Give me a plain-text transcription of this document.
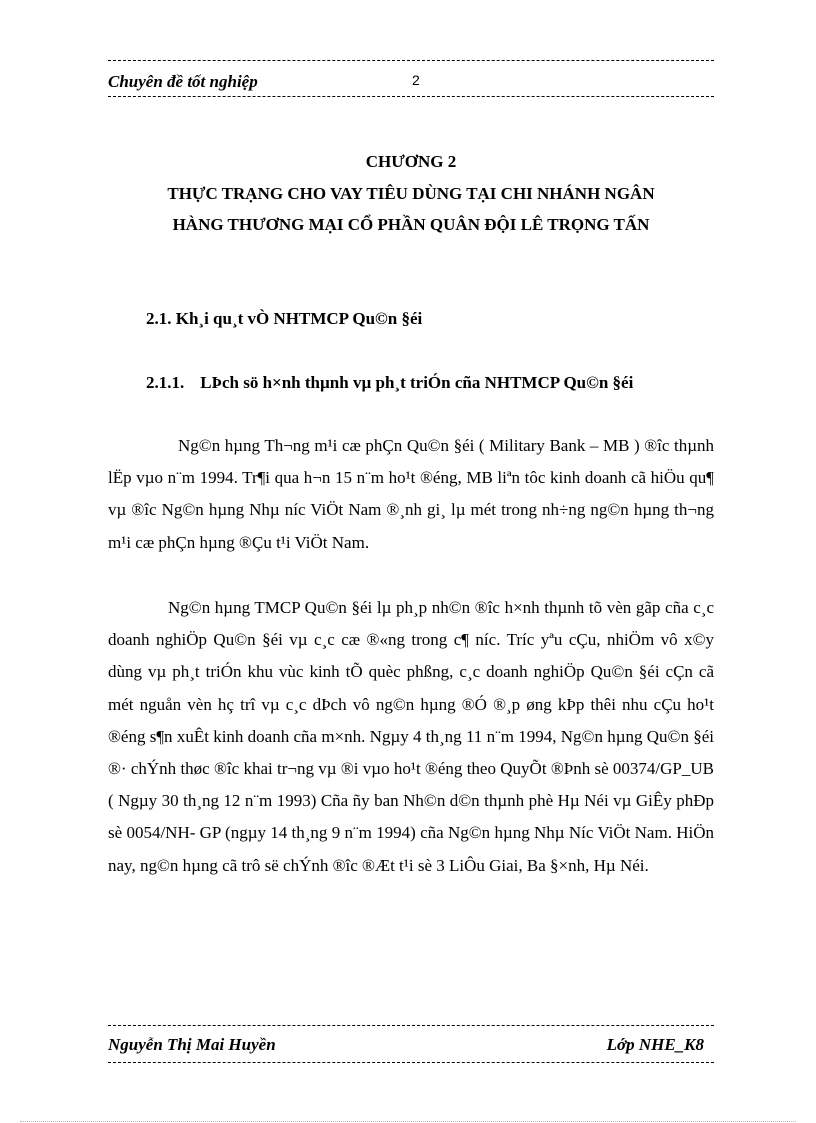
Chuyên đề tốt nghiệp	2
CHƯƠNG 2
THỰC TRẠNG CHO VAY TIÊU DÙNG TẠI CHI NHÁNH NGÂN
HÀNG THƯƠNG MẠI CỔ PHẦN QUÂN ĐỘI LÊ TRỌNG TẤN
2.1. Kh¸i qu¸t vÒ NHTMCP Qu©n §éi
2.1.1. LÞch sö h×nh thµnh vµ ph¸t triÓn cña NHTMCP Qu©n §éi

Ng©n hµng Th¬ng m¹i cæ phÇn Qu©n §éi ( Military Bank – MB ) ®îc thµnh lËp vµo n¨m 1994. Tr¶i qua h¬n 15 n¨m ho¹t ®éng, MB liªn tôc kinh doanh cã hiÖu qu¶ vµ ®îc Ng©n hµng Nhµ níc ViÖt Nam ®¸nh gi¸ lµ mét trong nh÷ng ng©n hµng th¬ng m¹i cæ phÇn hµng ®Çu t¹i ViÖt Nam.

Ng©n hµng TMCP Qu©n §éi lµ ph¸p nh©n ®îc h×nh thµnh tõ vèn gãp cña c¸c doanh nghiÖp Qu©n §éi vµ c¸c cæ ®«ng trong c¶ níc. Tríc yªu cÇu, nhiÖm vô x©y dùng vµ ph¸t triÓn khu vùc kinh tÕ quèc phßng, c¸c doanh nghiÖp Qu©n §éi cÇn cã mét nguån vèn hç trî vµ c¸c dÞch vô ng©n hµng ®Ó ®¸p øng kÞp thêi nhu cÇu ho¹t ®éng s¶n xuÊt kinh doanh cña m×nh. Ngµy 4 th¸ng 11 n¨m 1994, Ng©n hµng Qu©n §éi ®· chÝnh thøc ®îc khai tr¬ng vµ ®i vµo ho¹t ®éng theo QuyÕt ®Þnh sè 00374/GP_UB ( Ngµy 30 th¸ng 12 n¨m 1993) Cña ñy ban Nh©n d©n thµnh phè Hµ Néi vµ GiÊy phÐp sè 0054/NH- GP (ngµy 14 th¸ng 9 n¨m 1994) cña Ng©n hµng Nhµ Níc ViÖt Nam. HiÖn nay, ng©n hµng cã trô së chÝnh ®îc ®Æt t¹i sè 3 LiÔu Giai, Ba §×nh, Hµ Néi.

Nguyễn Thị Mai Huyền	Lớp NHE_K8
